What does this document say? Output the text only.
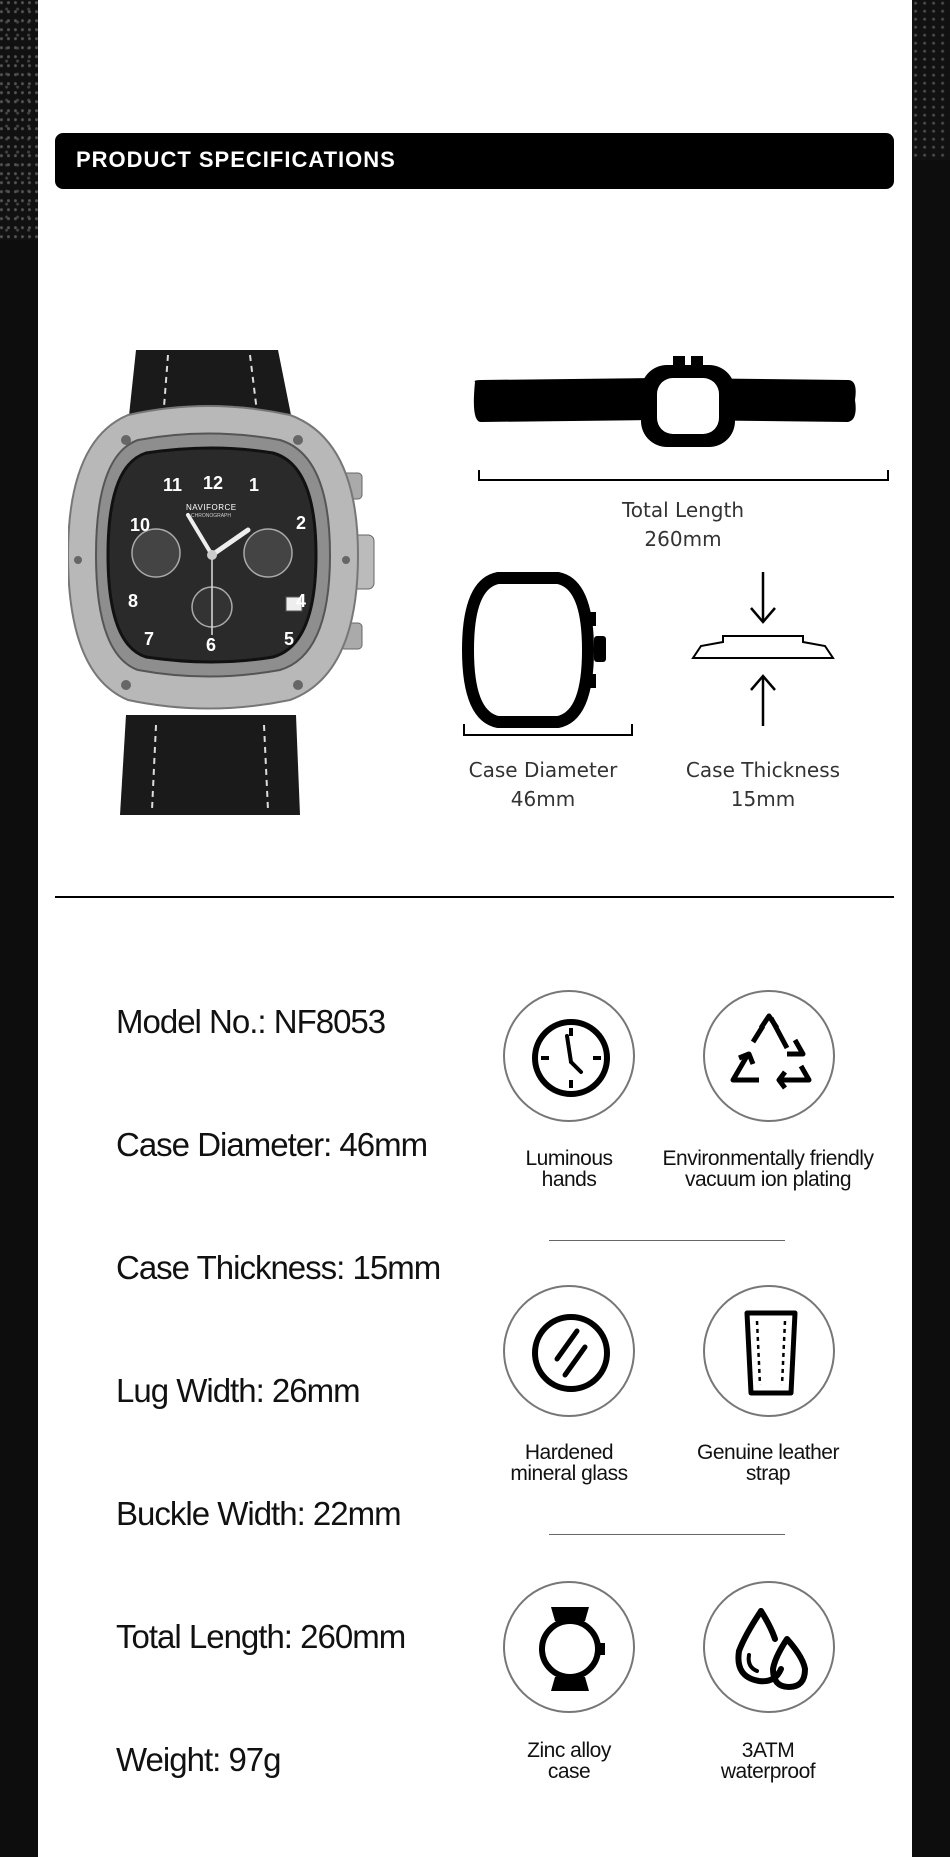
PRODUCT SPECIFICATIONS
NAVIFORCE
CHRONOGRAPH
11 12 1
10	2
8	4
7	6	5
Total Length
260mm
Case Diameter
46mm
Case Thickness
15mm
Model No.: NF8053
Case Diameter: 46mm
Case Thickness: 15mm
Lug Width: 26mm
Buckle Width: 22mm
Total Length: 260mm
Weight: 97g
Luminous
hands
Environmentally friendly
vacuum ion plating
Hardened
mineral glass
Genuine leather
strap
Zinc alloy
case
3ATM
waterproof
